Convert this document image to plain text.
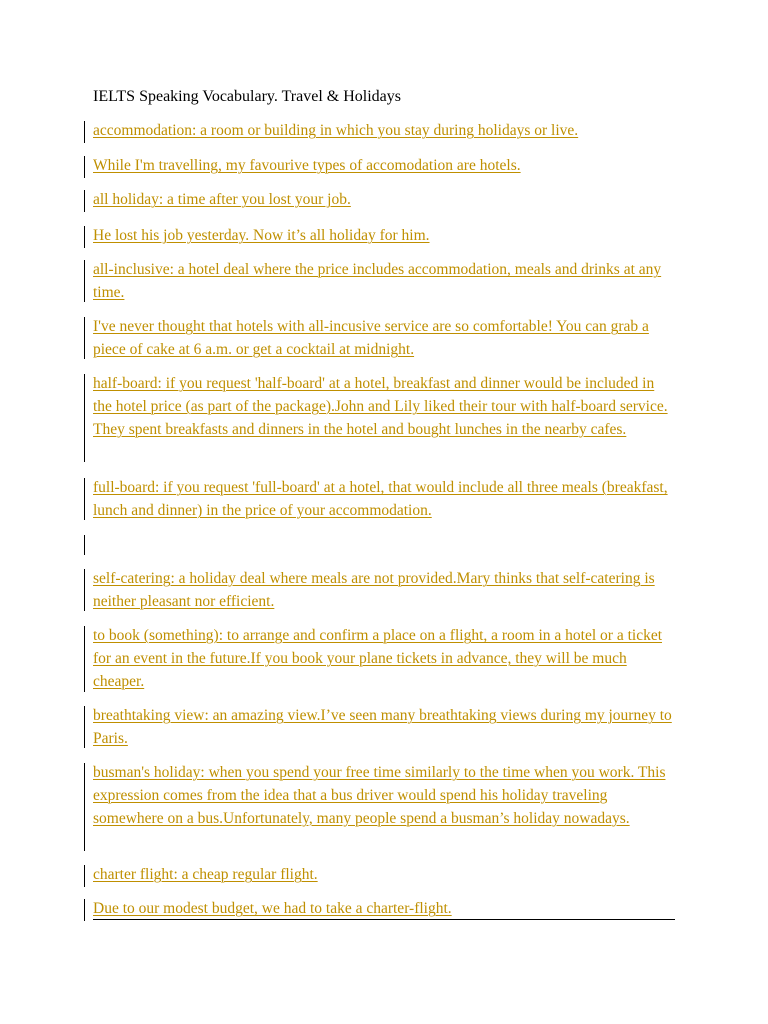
IELTS Speaking Vocabulary. Travel & Holidays
accommodation: a room or building in which you stay during holidays or live.
While I'm travelling, my favourive types of accomodation are hotels.
all holiday: a time after you lost your job.
He lost his job yesterday. Now it’s all holiday for him.
all-inclusive: a hotel deal where the price includes accommodation, meals and drinks at any time.
I've never thought that hotels with all-incusive service are so comfortable! You can grab a piece of cake at 6 a.m. or get a cocktail at midnight.
half-board: if you request 'half-board' at a hotel, breakfast and dinner would be included in the hotel price (as part of the package).John and Lily liked their tour with half-board service. They spent breakfasts and dinners in the hotel and bought lunches in the nearby cafes.
full-board: if you request 'full-board' at a hotel, that would include all three meals (breakfast, lunch and dinner) in the price of your accommodation.
self-catering: a holiday deal where meals are not provided.Mary thinks that self-catering is neither pleasant nor efficient.
to book (something): to arrange and confirm a place on a flight, a room in a hotel or a ticket for an event in the future.If you book your plane tickets in advance, they will be much cheaper.
breathtaking view: an amazing view.I’ve seen many breathtaking views during my journey to Paris.
busman's holiday: when you spend your free time similarly to the time when you work. This expression comes from the idea that a bus driver would spend his holiday traveling somewhere on a bus.Unfortunately, many people spend a busman’s holiday nowadays.
charter flight: a cheap regular flight.
Due to our modest budget, we had to take a charter-flight.
